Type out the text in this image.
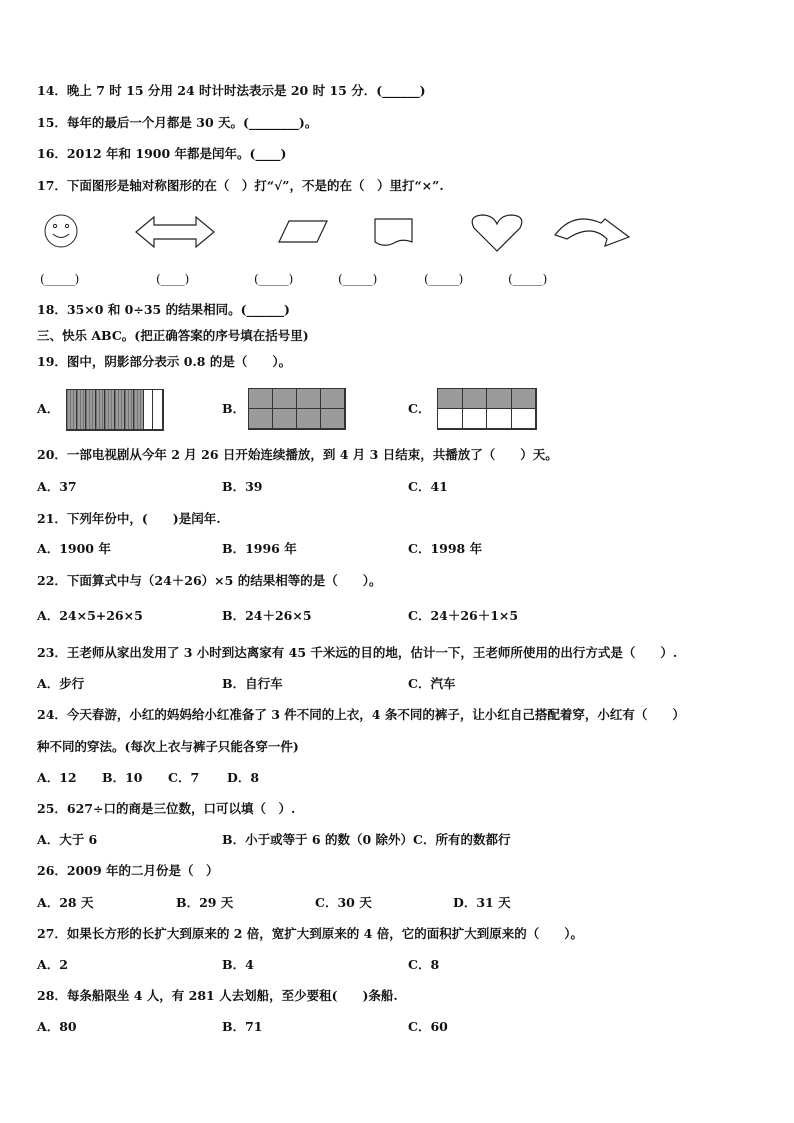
14．晚上 7 时 15 分用 24 时计时法表示是 20 时 15 分．(______)
15．每年的最后一个月都是 30 天。(________)。
16．2012 年和 1900 年都是闰年。(____)
17．下面图形是轴对称图形的在（　）打“√”，不是的在（　）里打“×”.
(_____)	(____)	(_____)	(_____)	(_____)	(_____)
18．35×0 和 0÷35 的结果相同。(______)
三、快乐 ABC。(把正确答案的序号填在括号里)
19．图中，阴影部分表示 0.8 的是（　　）。
A．	B．	C．
20．一部电视剧从今年 2 月 26 日开始连续播放，到 4 月 3 日结束，共播放了（　　）天。
A．37	B．39	C．41
21．下列年份中，(　　)是闰年.
A．1900 年	B．1996 年	C．1998 年
22．下面算式中与（24＋26）×5 的结果相等的是（　　）。
A．24×5+26×5	B．24＋26×5	C．24＋26＋1×5
23．王老师从家出发用了 3 小时到达离家有 45 千米远的目的地，估计一下，王老师所使用的出行方式是（　　）.
A．步行	B．自行车	C．汽车
24．今天春游，小红的妈妈给小红准备了 3 件不同的上衣，4 条不同的裤子，让小红自己搭配着穿，小红有（　　）
种不同的穿法。(每次上衣与裤子只能各穿一件)
A．12 B．10 C．7 D．8
25．627÷口的商是三位数，口可以填（　）.
A．大于 6	B．小于或等于 6 的数（0 除外）C．所有的数都行
26．2009 年的二月份是（　）
A．28 天	B．29 天	C．30 天	D．31 天
27．如果长方形的长扩大到原来的 2 倍，宽扩大到原来的 4 倍，它的面积扩大到原来的（　　）。
A．2	B．4	C．8
28．每条船限坐 4 人，有 281 人去划船，至少要租(　　)条船.
A．80	B．71	C．60
